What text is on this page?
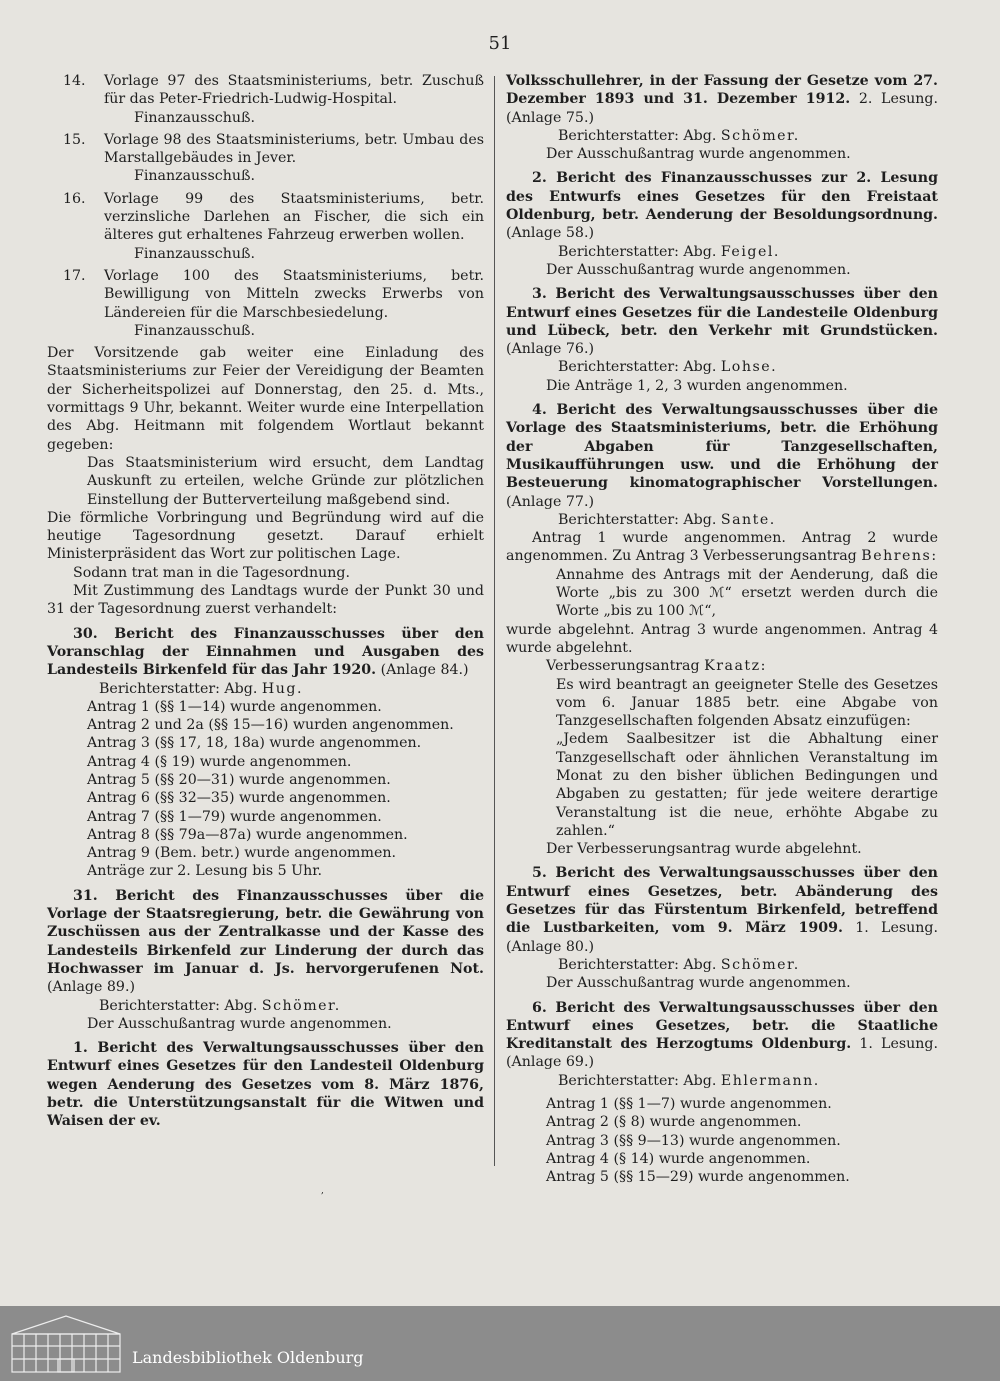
51
14.	Vorlage 97 des Staatsministeriums, betr. Zuschuß für das Peter-Friedrich-Ludwig-Hospital.

Finanzausschuß.

15.	Vorlage 98 des Staatsministeriums, betr. Umbau des Marstallgebäudes in Jever.

Finanzausschuß.

16.	Vorlage 99 des Staatsministeriums, betr. verzinsliche Darlehen an Fischer, die sich ein älteres gut erhaltenes Fahrzeug erwerben wollen.

Finanzausschuß.

17.	Vorlage 100 des Staatsministeriums, betr. Bewilligung von Mitteln zwecks Erwerbs von Ländereien für die Marschbesiedelung.

Finanzausschuß.

Der Vorsitzende gab weiter eine Einladung des Staatsministeriums zur Feier der Vereidigung der Beamten der Sicherheitspolizei auf Donnerstag, den 25. d. Mts., vormittags 9 Uhr, bekannt. Weiter wurde eine Interpellation des Abg. Heitmann mit folgendem Wortlaut bekannt gegeben:

Das Staatsministerium wird ersucht, dem Landtag Auskunft zu erteilen, welche Gründe zur plötzlichen Einstellung der Butterverteilung maßgebend sind.

Die förmliche Vorbringung und Begründung wird auf die heutige Tagesordnung gesetzt. Darauf erhielt Ministerpräsident das Wort zur politischen Lage.

Sodann trat man in die Tagesordnung.

Mit Zustimmung des Landtags wurde der Punkt 30 und 31 der Tagesordnung zuerst verhandelt:

30. Bericht des Finanzausschusses über den Voranschlag der Einnahmen und Ausgaben des Landesteils Birkenfeld für das Jahr 1920. (Anlage 84.)

Berichterstatter: Abg. Hug.

Antrag 1 (§§ 1—14) wurde angenommen.

Antrag 2 und 2a (§§ 15—16) wurden angenommen.

Antrag 3 (§§ 17, 18, 18a) wurde angenommen.

Antrag 4 (§ 19) wurde angenommen.

Antrag 5 (§§ 20—31) wurde angenommen.

Antrag 6 (§§ 32—35) wurde angenommen.

Antrag 7 (§§ 1—79) wurde angenommen.

Antrag 8 (§§ 79a—87a) wurde angenommen.

Antrag 9 (Bem. betr.) wurde angenommen.

Anträge zur 2. Lesung bis 5 Uhr.

31. Bericht des Finanzausschusses über die Vorlage der Staatsregierung, betr. die Gewährung von Zuschüssen aus der Zentralkasse und der Kasse des Landesteils Birkenfeld zur Linderung der durch das Hochwasser im Januar d. Js. hervorgerufenen Not. (Anlage 89.)

Berichterstatter: Abg. Schömer.

Der Ausschußantrag wurde angenommen.

1. Bericht des Verwaltungsausschusses über den Entwurf eines Gesetzes für den Landesteil Oldenburg wegen Aenderung des Gesetzes vom 8. März 1876, betr. die Unterstützungsanstalt für die Witwen und Waisen der ev.

Volksschullehrer, in der Fassung der Gesetze vom 27. Dezember 1893 und 31. Dezember 1912. 2. Lesung. (Anlage 75.)

Berichterstatter: Abg. Schömer.

Der Ausschußantrag wurde angenommen.

2. Bericht des Finanzausschusses zur 2. Lesung des Entwurfs eines Gesetzes für den Freistaat Oldenburg, betr. Aenderung der Besoldungsordnung. (Anlage 58.)

Berichterstatter: Abg. Feigel.

Der Ausschußantrag wurde angenommen.

3. Bericht des Verwaltungsausschusses über den Entwurf eines Gesetzes für die Landesteile Oldenburg und Lübeck, betr. den Verkehr mit Grundstücken. (Anlage 76.)

Berichterstatter: Abg. Lohse.

Die Anträge 1, 2, 3 wurden angenommen.

4. Bericht des Verwaltungsausschusses über die Vorlage des Staatsministeriums, betr. die Erhöhung der Abgaben für Tanzgesellschaften, Musikaufführungen usw. und die Erhöhung der Besteuerung kinomatographischer Vorstellungen. (Anlage 77.)

Berichterstatter: Abg. Sante.

Antrag 1 wurde angenommen. Antrag 2 wurde angenommen. Zu Antrag 3 Verbesserungsantrag Behrens:

Annahme des Antrags mit der Aenderung, daß die Worte „bis zu 300 ℳ“ ersetzt werden durch die Worte „bis zu 100 ℳ“,

wurde abgelehnt. Antrag 3 wurde angenommen. Antrag 4 wurde abgelehnt.

Verbesserungsantrag Kraatz:

Es wird beantragt an geeigneter Stelle des Gesetzes vom 6. Januar 1885 betr. eine Abgabe von Tanzgesellschaften folgenden Absatz einzufügen:

„Jedem Saalbesitzer ist die Abhaltung einer Tanzgesellschaft oder ähnlichen Veranstaltung im Monat zu den bisher üblichen Bedingungen und Abgaben zu gestatten; für jede weitere derartige Veranstaltung ist die neue, erhöhte Abgabe zu zahlen.“

Der Verbesserungsantrag wurde abgelehnt.

5. Bericht des Verwaltungsausschusses über den Entwurf eines Gesetzes, betr. Abänderung des Gesetzes für das Fürstentum Birkenfeld, betreffend die Lustbarkeiten, vom 9. März 1909. 1. Lesung. (Anlage 80.)

Berichterstatter: Abg. Schömer.

Der Ausschußantrag wurde angenommen.

6. Bericht des Verwaltungsausschusses über den Entwurf eines Gesetzes, betr. die Staatliche Kreditanstalt des Herzogtums Oldenburg. 1. Lesung. (Anlage 69.)

Berichterstatter: Abg. Ehlermann.

Antrag 1 (§§ 1—7) wurde angenommen.

Antrag 2 (§ 8) wurde angenommen.

Antrag 3 (§§ 9—13) wurde angenommen.

Antrag 4 (§ 14) wurde angenommen.

Antrag 5 (§§ 15—29) wurde angenommen.

,
Landesbibliothek Oldenburg
